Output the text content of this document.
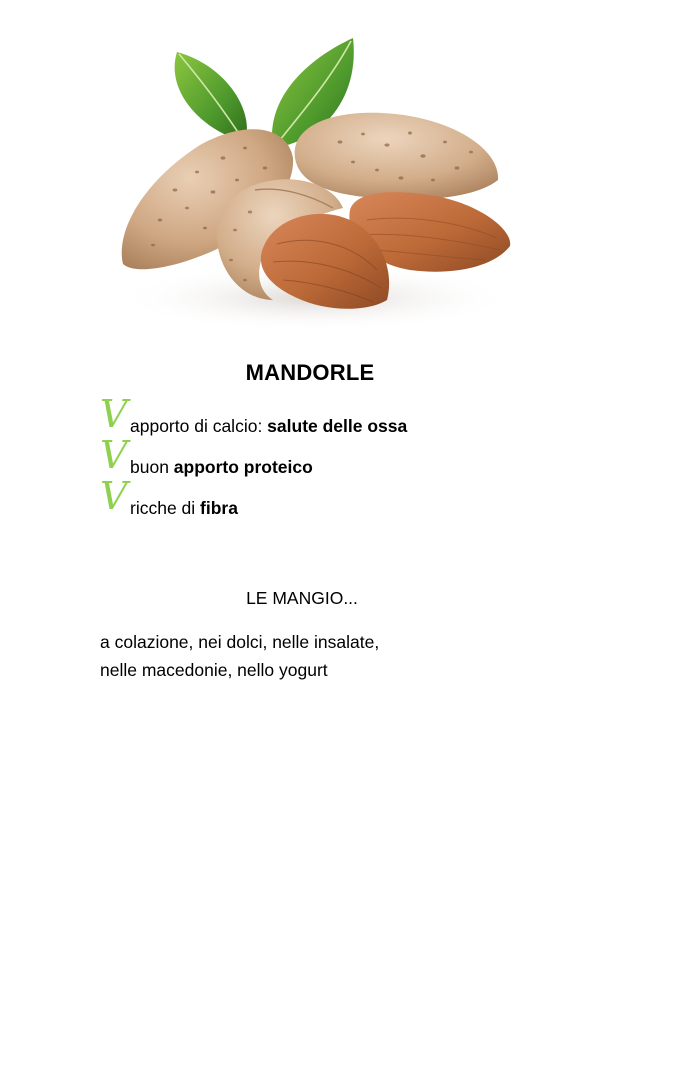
MANDORLE
V apporto di calcio: salute delle ossa
V buon apporto proteico
V ricche di fibra
LE MANGIO...
a colazione, nei dolci, nelle insalate,
nelle macedonie, nello yogurt
